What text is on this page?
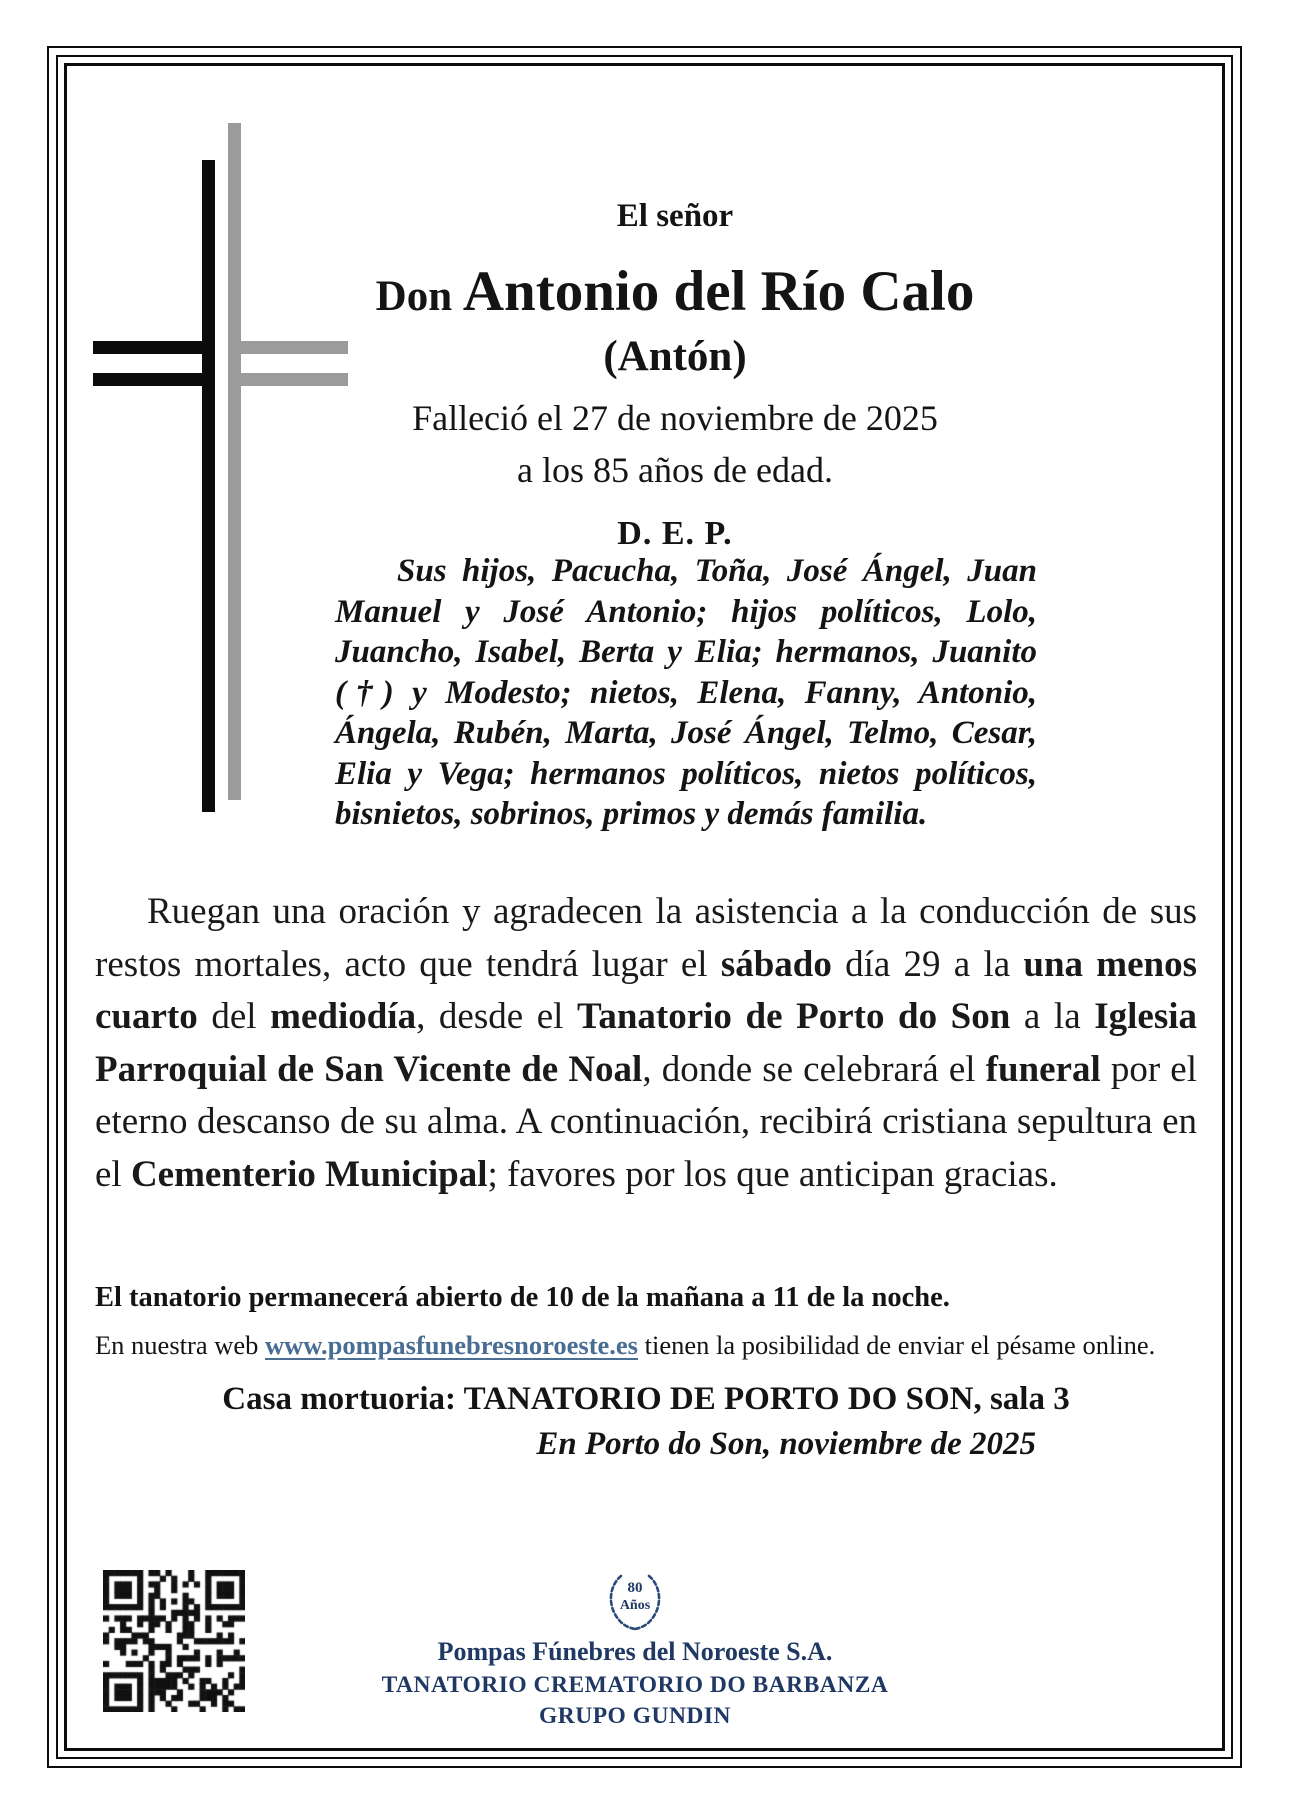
El señor
Don Antonio del Río Calo
(Antón)
Falleció el 27 de noviembre de 2025
a los 85 años de edad.
D. E. P.
Sus hijos, Pacucha, Toña, José Ángel, Juan Manuel y José Antonio; hijos políticos, Lolo, Juancho, Isabel, Berta y Elia; hermanos, Juanito (†) y Modesto; nietos, Elena, Fanny, Antonio, Ángela, Rubén, Marta, José Ángel, Telmo, Cesar, Elia y Vega; hermanos políticos, nietos políticos, bisnietos, sobrinos, primos y demás familia.
Ruegan una oración y agradecen la asistencia a la conducción de sus restos mortales, acto que tendrá lugar el sábado día 29 a la una menos cuarto del mediodía, desde el Tanatorio de Porto do Son a la Iglesia Parroquial de San Vicente de Noal, donde se celebrará el funeral por el eterno descanso de su alma. A continuación, recibirá cristiana sepultura en el Cementerio Municipal; favores por los que anticipan gracias.
El tanatorio permanecerá abierto de 10 de la mañana a 11 de la noche.
En nuestra web www.pompasfunebresnoroeste.es tienen la posibilidad de enviar el pésame online.
Casa mortuoria: TANATORIO DE PORTO DO SON, sala 3
En Porto do Son, noviembre de 2025
80
Años
Pompas Fúnebres del Noroeste S.A.
TANATORIO CREMATORIO DO BARBANZA
GRUPO GUNDIN
